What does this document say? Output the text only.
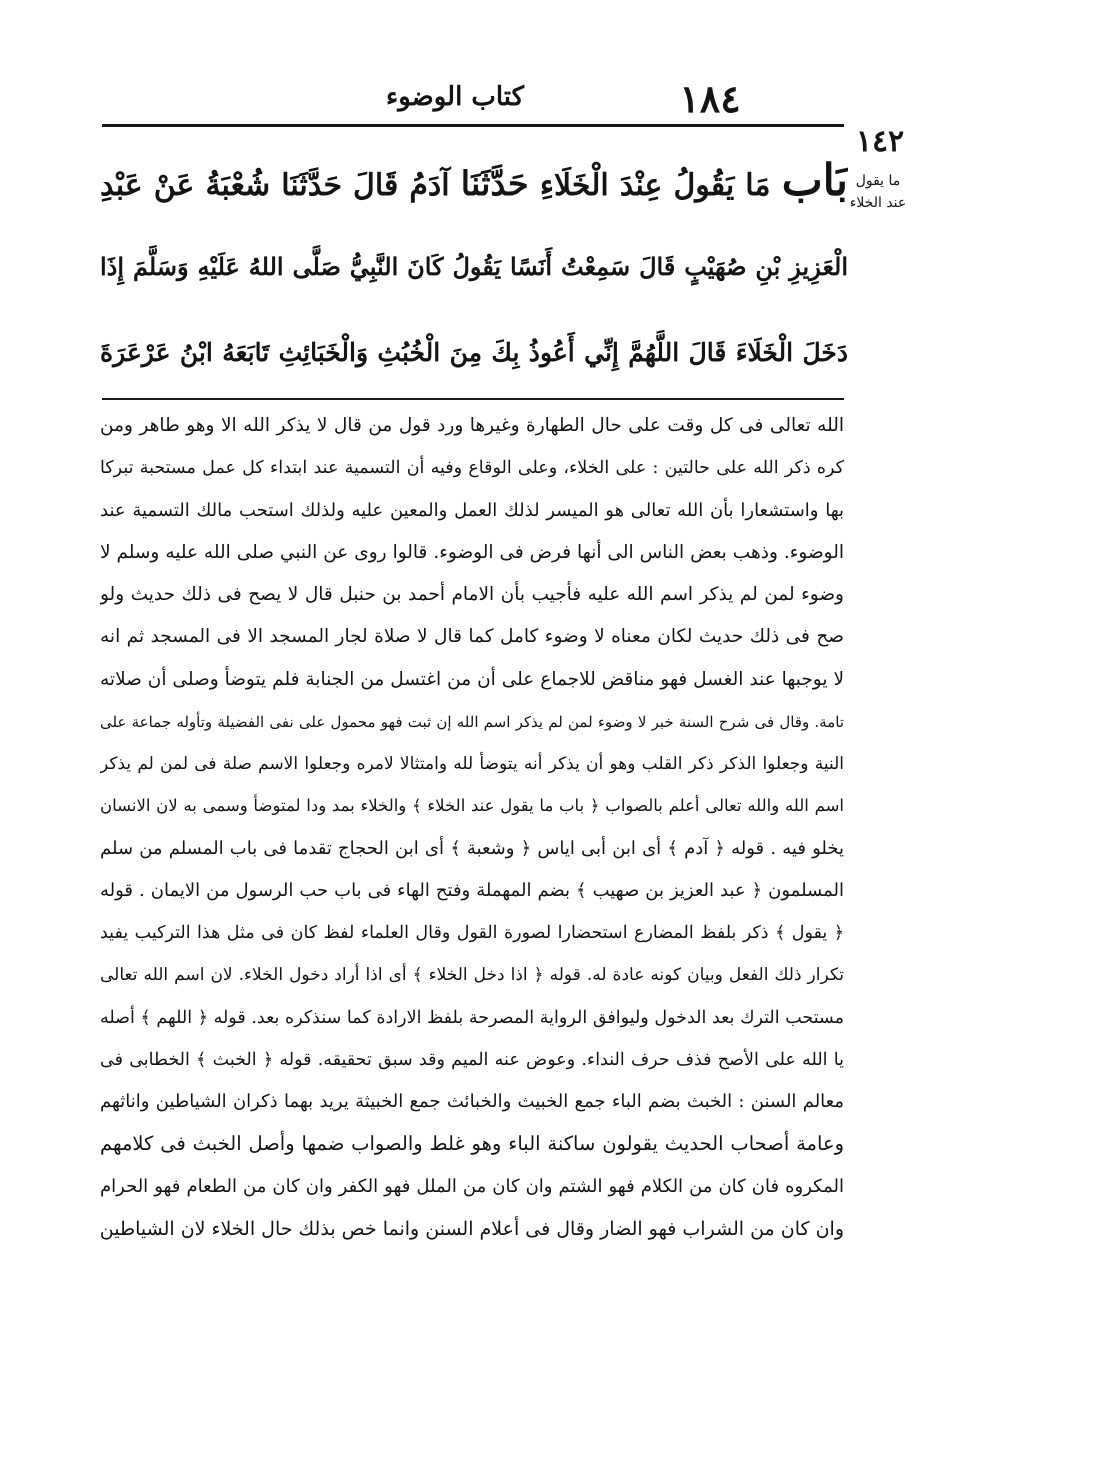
كتاب الوضوء	١٨٤
١٤٢
ما يقول
عند الخلاء
بَاب مَا يَقُولُ عِنْدَ الْخَلَاءِ حَدَّثَنَا آدَمُ قَالَ حَدَّثَنَا شُعْبَةُ عَنْ عَبْدِ
الْعَزِيزِ بْنِ صُهَيْبٍ قَالَ سَمِعْتُ أَنَسًا يَقُولُ كَانَ النَّبِيُّ صَلَّى اللهُ عَلَيْهِ وَسَلَّمَ إِذَا
دَخَلَ الْخَلَاءَ قَالَ اللَّهُمَّ إِنِّي أَعُوذُ بِكَ مِنَ الْخُبُثِ وَالْخَبَائِثِ تَابَعَهُ ابْنُ عَرْعَرَةَ
الله تعالى فى كل وقت على حال الطهارة وغيرها ورد قول من قال لا يذكر الله الا وهو طاهر ومن
كره ذكر الله على حالتين : على الخلاء، وعلى الوقاع وفيه أن التسمية عند ابتداء كل عمل مستحبة تبركا
بها واستشعارا بأن الله تعالى هو الميسر لذلك العمل والمعين عليه ولذلك استحب مالك التسمية عند
الوضوء. وذهب بعض الناس الى أنها فرض فى الوضوء. قالوا روى عن النبي صلى الله عليه وسلم لا
وضوء لمن لم يذكر اسم الله عليه فأجيب بأن الامام أحمد بن حنبل قال لا يصح فى ذلك حديث ولو
صح فى ذلك حديث لكان معناه لا وضوء كامل كما قال لا صلاة لجار المسجد الا فى المسجد ثم انه
لا يوجبها عند الغسل فهو مناقض للاجماع على أن من اغتسل من الجنابة فلم يتوضأ وصلى أن صلاته
تامة. وقال فى شرح السنة خبر لا وضوء لمن لم يذكر اسم الله إن ثبت فهو محمول على نفى الفضيلة وتأوله جماعة على
النية وجعلوا الذكر ذكر القلب وهو أن يذكر أنه يتوضأ لله وامتثالا لامره وجعلوا الاسم صلة فى لمن لم يذكر
اسم الله والله تعالى أعلم بالصواب ﴿ باب ما يقول عند الخلاء ﴾ والخلاء بمد ودا لمتوضأ وسمى به لان الانسان
يخلو فيه . قوله ﴿ آدم ﴾ أى ابن أبى اياس ﴿ وشعبة ﴾ أى ابن الحجاج تقدما فى باب المسلم من سلم
المسلمون ﴿ عبد العزيز بن صهيب ﴾ بضم المهملة وفتح الهاء فى باب حب الرسول من الايمان . قوله
﴿ يقول ﴾ ذكر بلفظ المضارع استحضارا لصورة القول وقال العلماء لفظ كان فى مثل هذا التركيب يفيد
تكرار ذلك الفعل وبيان كونه عادة له. قوله ﴿ اذا دخل الخلاء ﴾ أى اذا أراد دخول الخلاء. لان اسم الله تعالى
مستحب الترك بعد الدخول وليوافق الرواية المصرحة بلفظ الارادة كما سنذكره بعد. قوله ﴿ اللهم ﴾ أصله
يا الله على الأصح فذف حرف النداء. وعوض عنه الميم وقد سبق تحقيقه. قوله ﴿ الخبث ﴾ الخطابى فى
معالم السنن : الخبث بضم الباء جمع الخبيث والخبائث جمع الخبيثة يريد بهما ذكران الشياطين واناثهم
وعامة أصحاب الحديث يقولون ساكنة الباء وهو غلط والصواب ضمها وأصل الخبث فى كلامهم
المكروه فان كان من الكلام فهو الشتم وان كان من الملل فهو الكفر وان كان من الطعام فهو الحرام
وان كان من الشراب فهو الضار وقال فى أعلام السنن وانما خص بذلك حال الخلاء لان الشياطين
